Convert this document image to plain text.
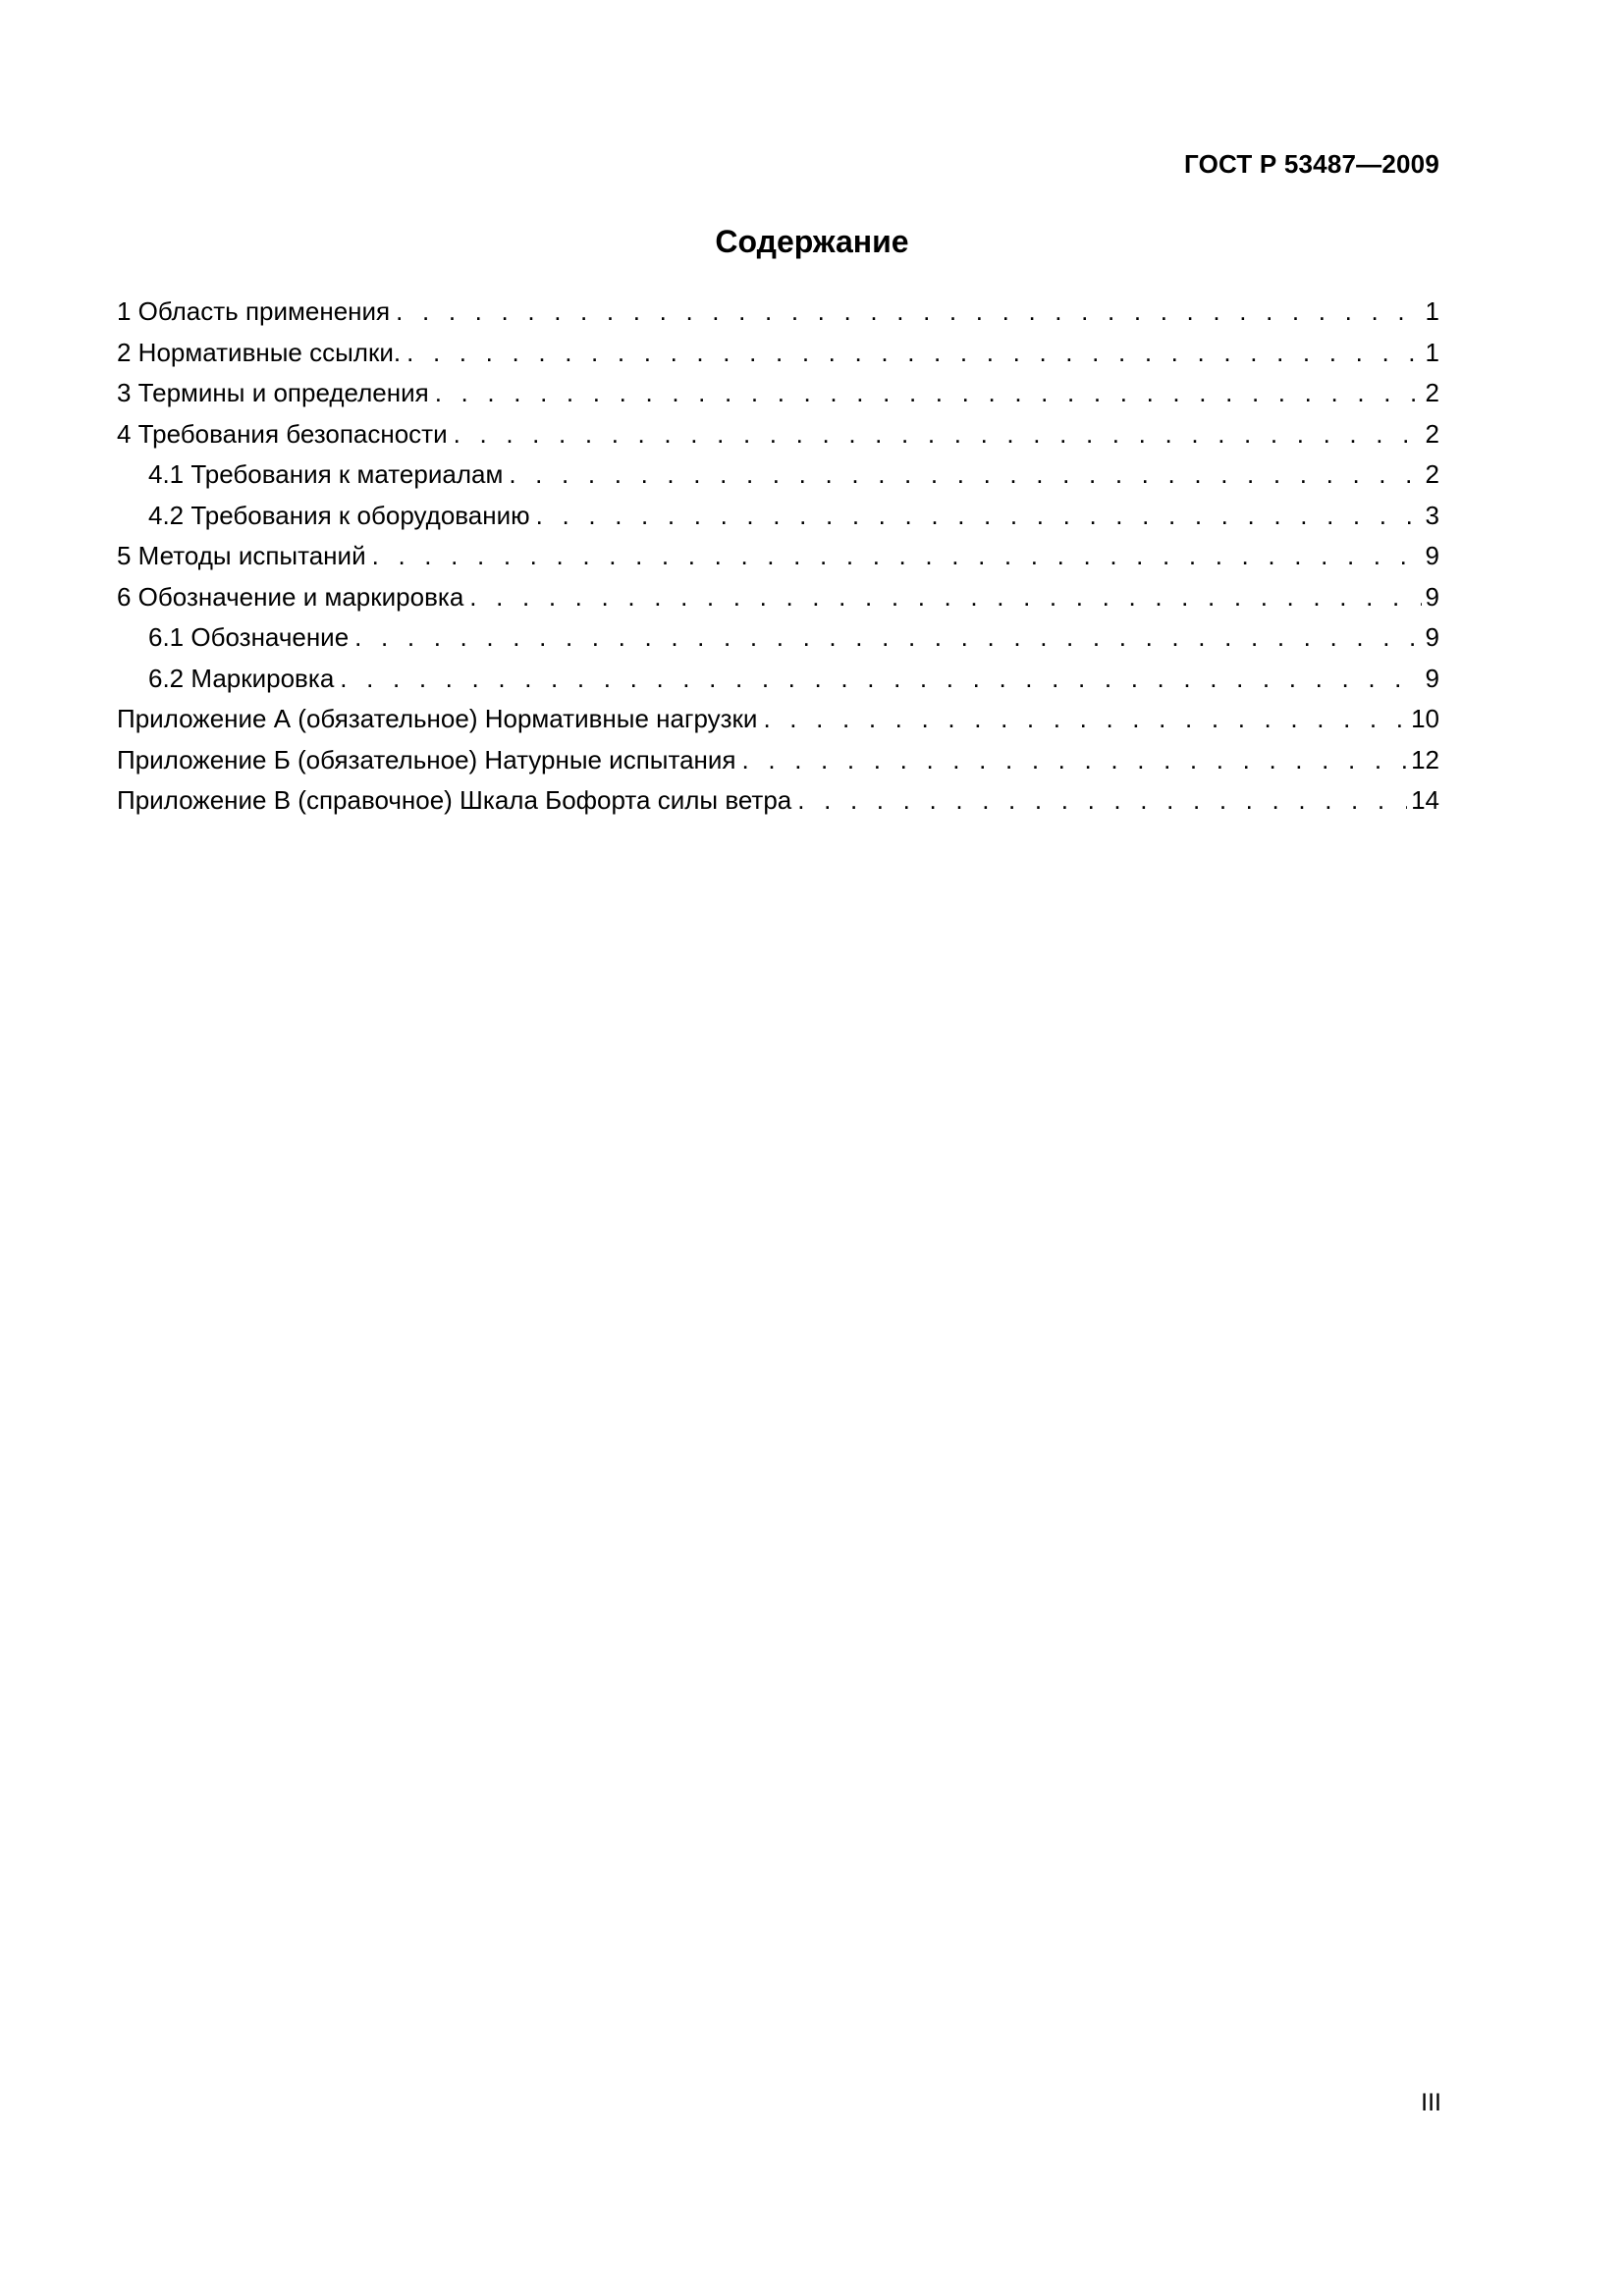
ГОСТ Р 53487—2009
Содержание
1 Область применения . . .	1
2 Нормативные ссылки. . . .	1
3 Термины и определения . . .	2
4 Требования безопасности . . .	2
4.1 Требования к материалам . . .	2
4.2 Требования к оборудованию . . .	3
5 Методы испытаний . . .	9
6 Обозначение и маркировка . . .	9
6.1 Обозначение . . .	9
6.2 Маркировка . . .	9
Приложение А (обязательное) Нормативные нагрузки . . .	10
Приложение Б (обязательное) Натурные испытания . . .	12
Приложение В (справочное) Шкала Бофорта силы ветра . . .	14
III
